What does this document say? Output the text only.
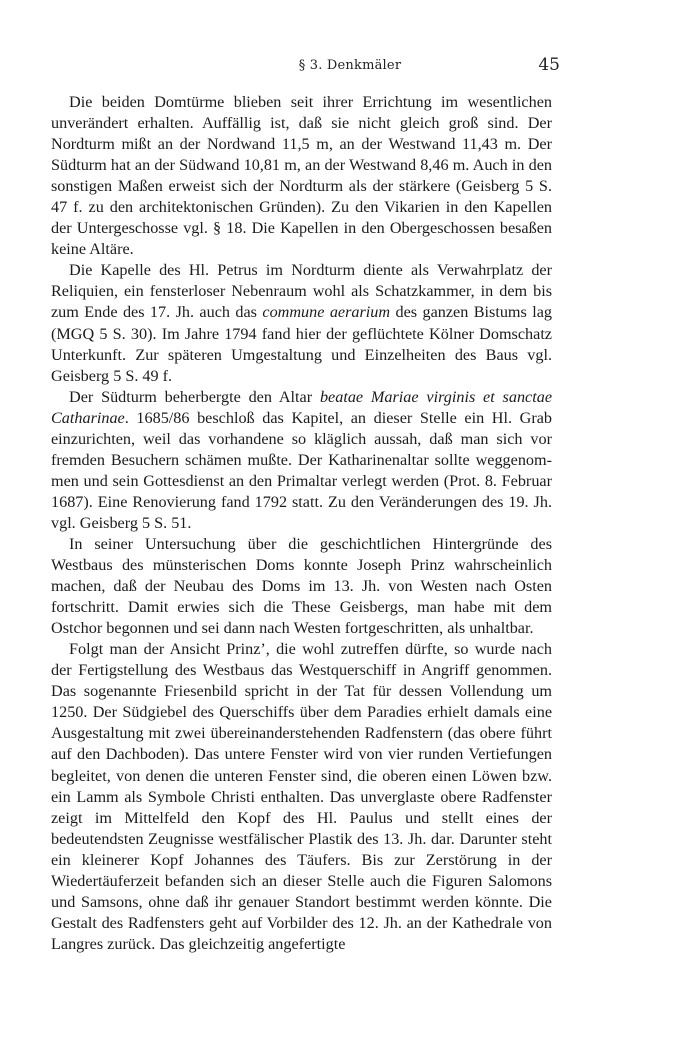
§ 3. Denkmäler	45

Die beiden Domtürme blieben seit ihrer Errichtung im wesentlichen unverändert erhalten. Auffällig ist, daß sie nicht gleich groß sind. Der Nordturm mißt an der Nordwand 11,5 m, an der Westwand 11,43 m. Der Südturm hat an der Südwand 10,81 m, an der Westwand 8,46 m. Auch in den sonstigen Maßen erweist sich der Nordturm als der stärkere (Geisberg 5 S. 47 f. zu den architektonischen Gründen). Zu den Vikarien in den Kapellen der Untergeschosse vgl. § 18. Die Kapellen in den Obergeschossen besaßen keine Altäre.

Die Kapelle des Hl. Petrus im Nordturm diente als Verwahrplatz der Reliquien, ein fensterloser Nebenraum wohl als Schatzkammer, in dem bis zum Ende des 17. Jh. auch das commune aerarium des ganzen Bistums lag (MGQ 5 S. 30). Im Jahre 1794 fand hier der geflüchtete Kölner Domschatz Unterkunft. Zur späteren Umgestaltung und Einzelheiten des Baus vgl. Geisberg 5 S. 49 f.

Der Südturm beherbergte den Altar beatae Mariae virginis et sanctae Catharinae. 1685/86 beschloß das Kapitel, an dieser Stelle ein Hl. Grab einzurichten, weil das vorhandene so kläglich aussah, daß man sich vor fremden Besuchern schämen mußte. Der Katharinenaltar sollte weggenommen und sein Gottesdienst an den Primaltar verlegt werden (Prot. 8. Februar 1687). Eine Renovierung fand 1792 statt. Zu den Veränderungen des 19. Jh. vgl. Geisberg 5 S. 51.

In seiner Untersuchung über die geschichtlichen Hintergründe des Westbaus des münsterischen Doms konnte Joseph Prinz wahrscheinlich machen, daß der Neubau des Doms im 13. Jh. von Westen nach Osten fortschritt. Damit erwies sich die These Geisbergs, man habe mit dem Ostchor begonnen und sei dann nach Westen fortgeschritten, als unhaltbar.

Folgt man der Ansicht Prinz’, die wohl zutreffen dürfte, so wurde nach der Fertigstellung des Westbaus das Westquerschiff in Angriff genommen. Das sogenannte Friesenbild spricht in der Tat für dessen Vollendung um 1250. Der Südgiebel des Querschiffs über dem Paradies erhielt damals eine Ausgestaltung mit zwei übereinanderstehenden Radfenstern (das obere führt auf den Dachboden). Das untere Fenster wird von vier runden Vertiefungen begleitet, von denen die unteren Fenster sind, die oberen einen Löwen bzw. ein Lamm als Symbole Christi enthalten. Das unverglaste obere Radfenster zeigt im Mittelfeld den Kopf des Hl. Paulus und stellt eines der bedeutendsten Zeugnisse westfälischer Plastik des 13. Jh. dar. Darunter steht ein kleinerer Kopf Johannes des Täufers. Bis zur Zerstörung in der Wiedertäuferzeit befanden sich an dieser Stelle auch die Figuren Salomons und Samsons, ohne daß ihr genauer Standort bestimmt werden könnte. Die Gestalt des Radfensters geht auf Vorbilder des 12. Jh. an der Kathedrale von Langres zurück. Das gleichzeitig angefertigte
